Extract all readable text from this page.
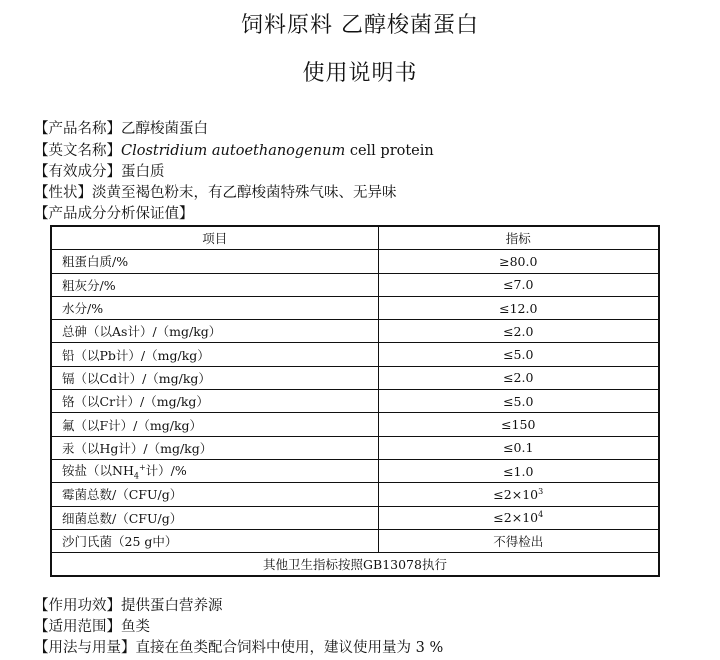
饲料原料 乙醇梭菌蛋白
使用说明书
【产品名称】乙醇梭菌蛋白
【英文名称】Clostridium autoethanogenum cell protein
【有效成分】蛋白质
【性状】淡黄至褐色粉末，有乙醇梭菌特殊气味、无异味
【产品成分分析保证值】
项目	指标
粗蛋白质/%	≥80.0
粗灰分/%	≤7.0
水分/%	≤12.0
总砷（以As计）/（mg/kg）	≤2.0
铅（以Pb计）/（mg/kg）	≤5.0
镉（以Cd计）/（mg/kg）	≤2.0
铬（以Cr计）/（mg/kg）	≤5.0
氟（以F计）/（mg/kg）	≤150
汞（以Hg计）/（mg/kg）	≤0.1
铵盐（以$NH_4^+$计）/%	≤1.0
霉菌总数/（CFU/g）	$\le 2\times 10^3$
细菌总数/（CFU/g）	$\le 2\times 10^4$
沙门氏菌（25 g中）	不得检出
其他卫生指标按照GB13078执行	
【作用功效】提供蛋白营养源
【适用范围】鱼类
【用法与用量】直接在鱼类配合饲料中使用，建议使用量为 3 %
